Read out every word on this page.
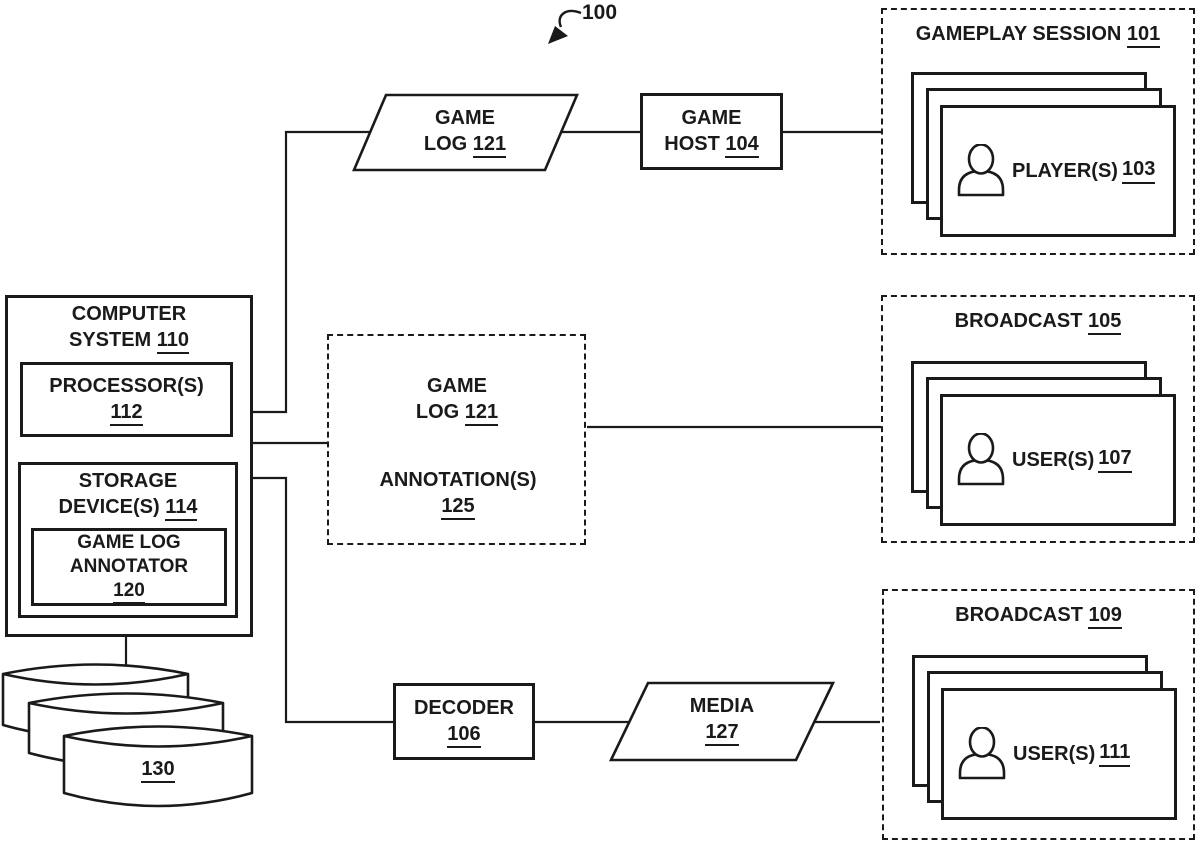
100
COMPUTER
SYSTEM 110
PROCESSOR(S)
112
STORAGE
DEVICE(S) 114
GAME LOG
ANNOTATOR
120
130
GAME
LOG 121
GAME
HOST 104
GAMEPLAY SESSION 101
PLAYER(S) 103
GAME
LOG 121
ANNOTATION(S)
125
BROADCAST 105
USER(S) 107
DECODER
106
MEDIA
127
BROADCAST 109
USER(S) 111
